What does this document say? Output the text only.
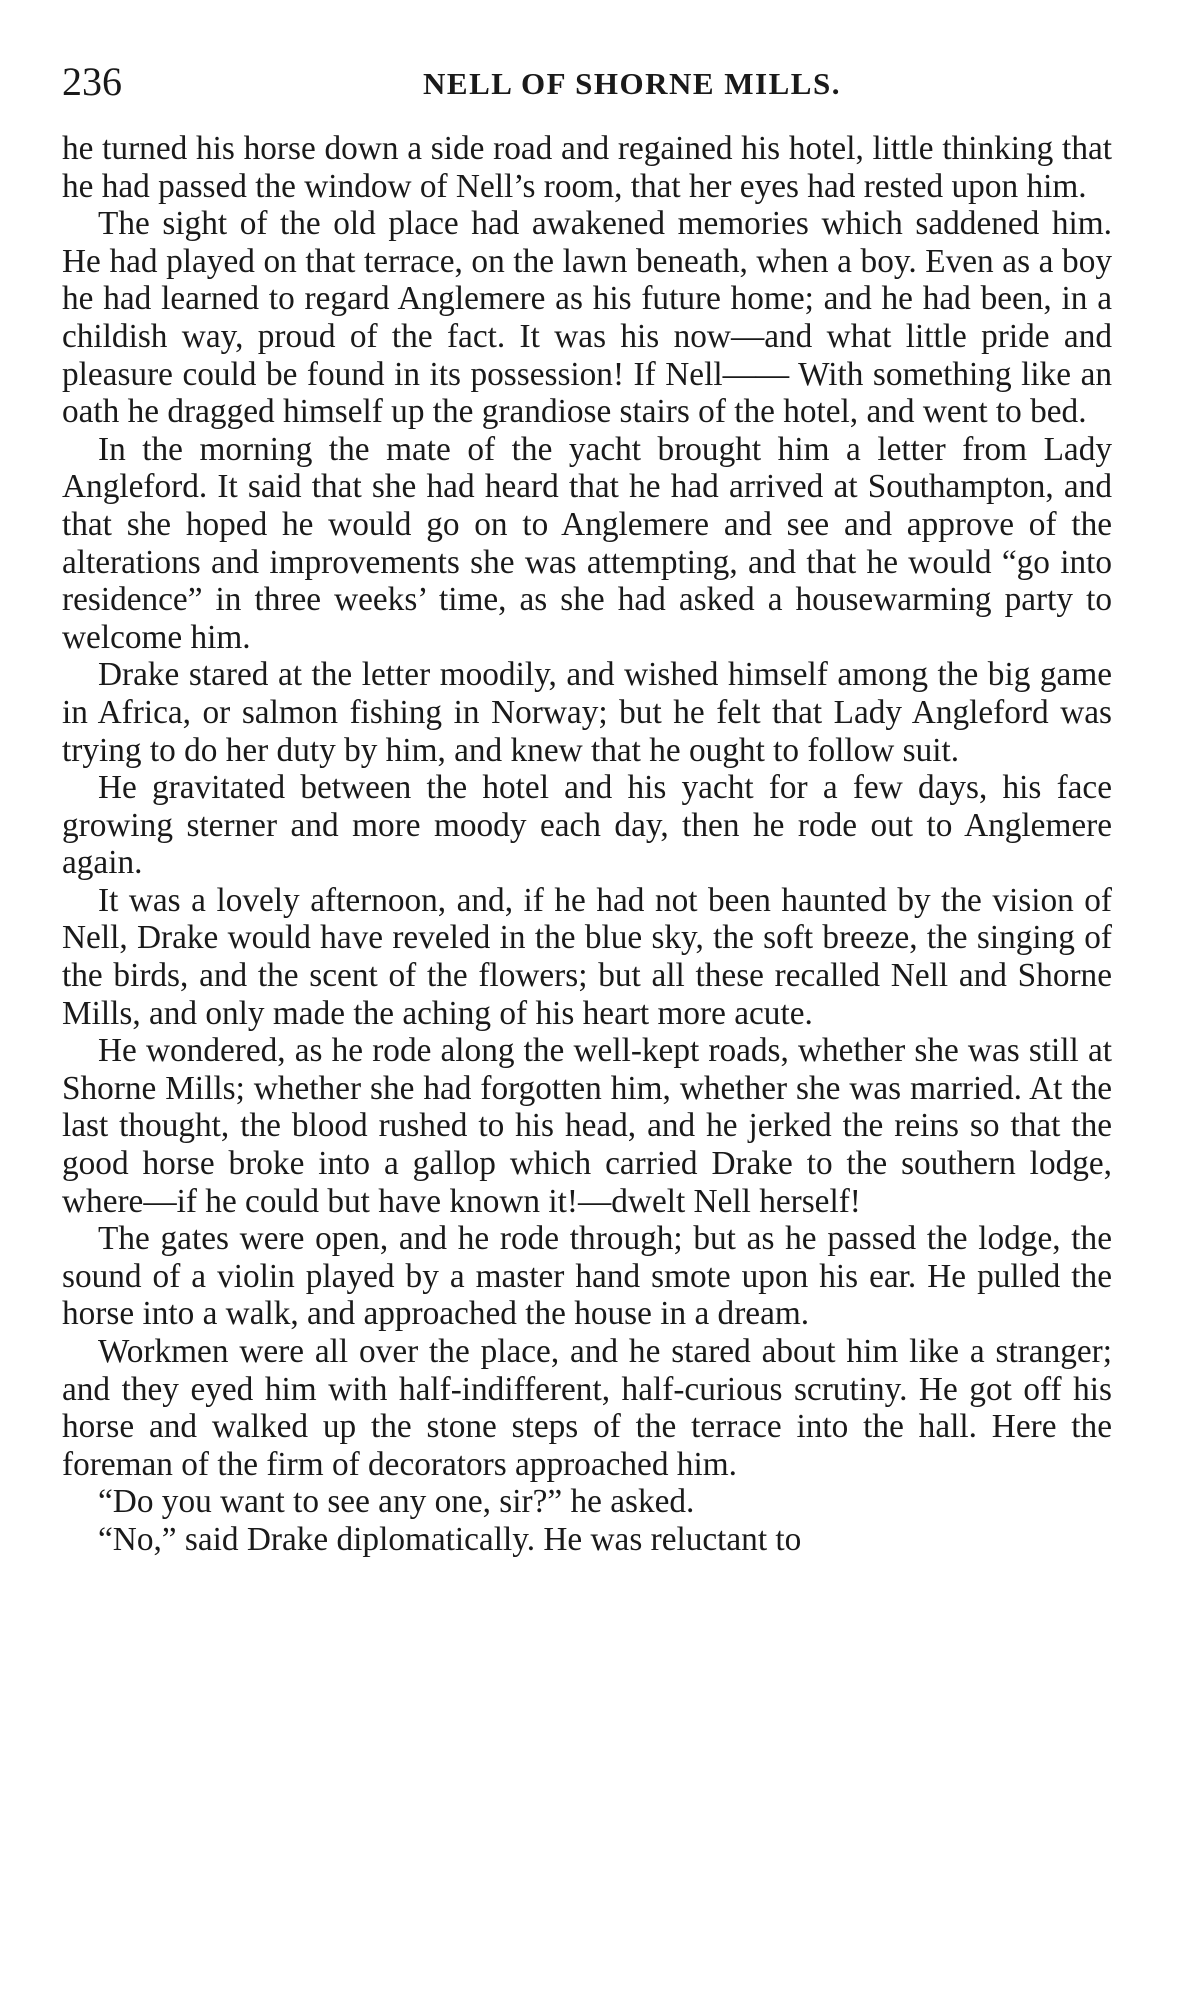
236	NELL OF SHORNE MILLS.

he turned his horse down a side road and regained his hotel, little thinking that he had passed the window of Nell’s room, that her eyes had rested upon him.

The sight of the old place had awakened memories which saddened him. He had played on that terrace, on the lawn beneath, when a boy. Even as a boy he had learned to regard Anglemere as his future home; and he had been, in a childish way, proud of the fact. It was his now—and what little pride and pleasure could be found in its possession! If Nell—— With something like an oath he dragged himself up the grandiose stairs of the hotel, and went to bed.

In the morning the mate of the yacht brought him a letter from Lady Angleford. It said that she had heard that he had arrived at Southampton, and that she hoped he would go on to Anglemere and see and approve of the alterations and improvements she was attempting, and that he would “go into residence” in three weeks’ time, as she had asked a housewarming party to welcome him.

Drake stared at the letter moodily, and wished himself among the big game in Africa, or salmon fishing in Norway; but he felt that Lady Angleford was trying to do her duty by him, and knew that he ought to follow suit.

He gravitated between the hotel and his yacht for a few days, his face growing sterner and more moody each day, then he rode out to Anglemere again.

It was a lovely afternoon, and, if he had not been haunted by the vision of Nell, Drake would have reveled in the blue sky, the soft breeze, the singing of the birds, and the scent of the flowers; but all these recalled Nell and Shorne Mills, and only made the aching of his heart more acute.

He wondered, as he rode along the well-kept roads, whether she was still at Shorne Mills; whether she had forgotten him, whether she was married. At the last thought, the blood rushed to his head, and he jerked the reins so that the good horse broke into a gallop which carried Drake to the southern lodge, where—if he could but have known it!—dwelt Nell herself!

The gates were open, and he rode through; but as he passed the lodge, the sound of a violin played by a master hand smote upon his ear. He pulled the horse into a walk, and approached the house in a dream.

Workmen were all over the place, and he stared about him like a stranger; and they eyed him with half-indifferent, half-curious scrutiny. He got off his horse and walked up the stone steps of the terrace into the hall. Here the foreman of the firm of decorators approached him.

“Do you want to see any one, sir?” he asked.

“No,” said Drake diplomatically. He was reluctant to
